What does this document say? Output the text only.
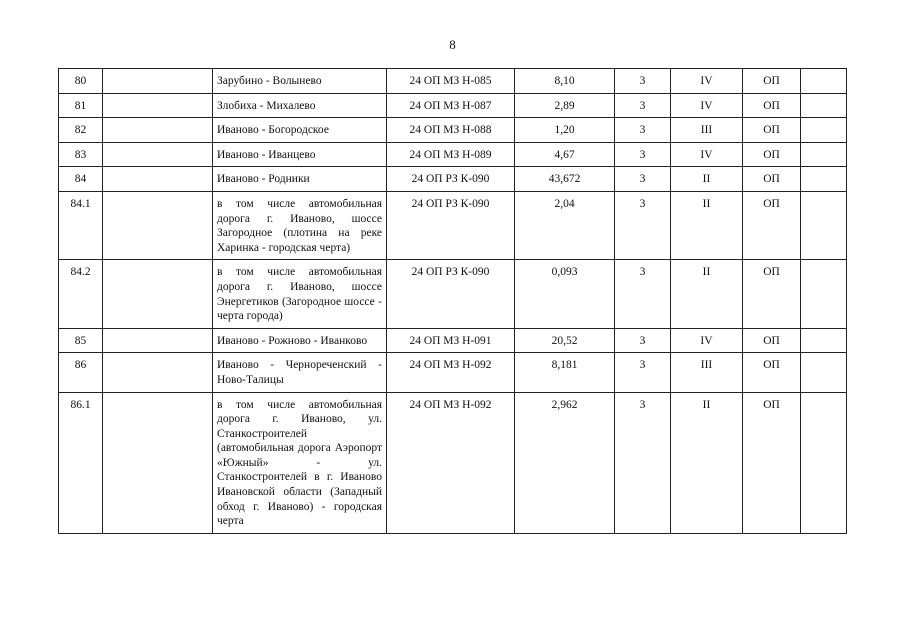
8
80		Зарубино - Волынево	24 ОП МЗ Н-085	8,10	3	IV	ОП	
81		Злобиха - Михалево	24 ОП МЗ Н-087	2,89	3	IV	ОП	
82		Иваново - Богородское	24 ОП МЗ Н-088	1,20	3	III	ОП	
83		Иваново - Иванцево	24 ОП МЗ Н-089	4,67	3	IV	ОП	
84		Иваново - Родники	24 ОП РЗ К-090	43,672	3	II	ОП	
84.1		в том числе автомобильная дорога г. Иваново, шоссе Загородное (плотина на реке Харинка - городская черта)	24 ОП РЗ К-090	2,04	3	II	ОП	
84.2		в том числе автомобильная дорога г. Иваново, шоссе Энергетиков (Загородное шоссе - черта города)	24 ОП РЗ К-090	0,093	3	II	ОП	
85		Иваново - Рожново - Иванково	24 ОП МЗ Н-091	20,52	3	IV	ОП	
86		Иваново - Чернореченский - Ново-Талицы	24 ОП МЗ Н-092	8,181	3	III	ОП	
86.1		в том числе автомобильная дорога г. Иваново, ул. Станкостроителей (автомобильная дорога Аэропорт «Южный» - ул. Станкостроителей в г. Иваново Ивановской области (Западный обход г. Иваново) - городская черта	24 ОП МЗ Н-092	2,962	3	II	ОП	
